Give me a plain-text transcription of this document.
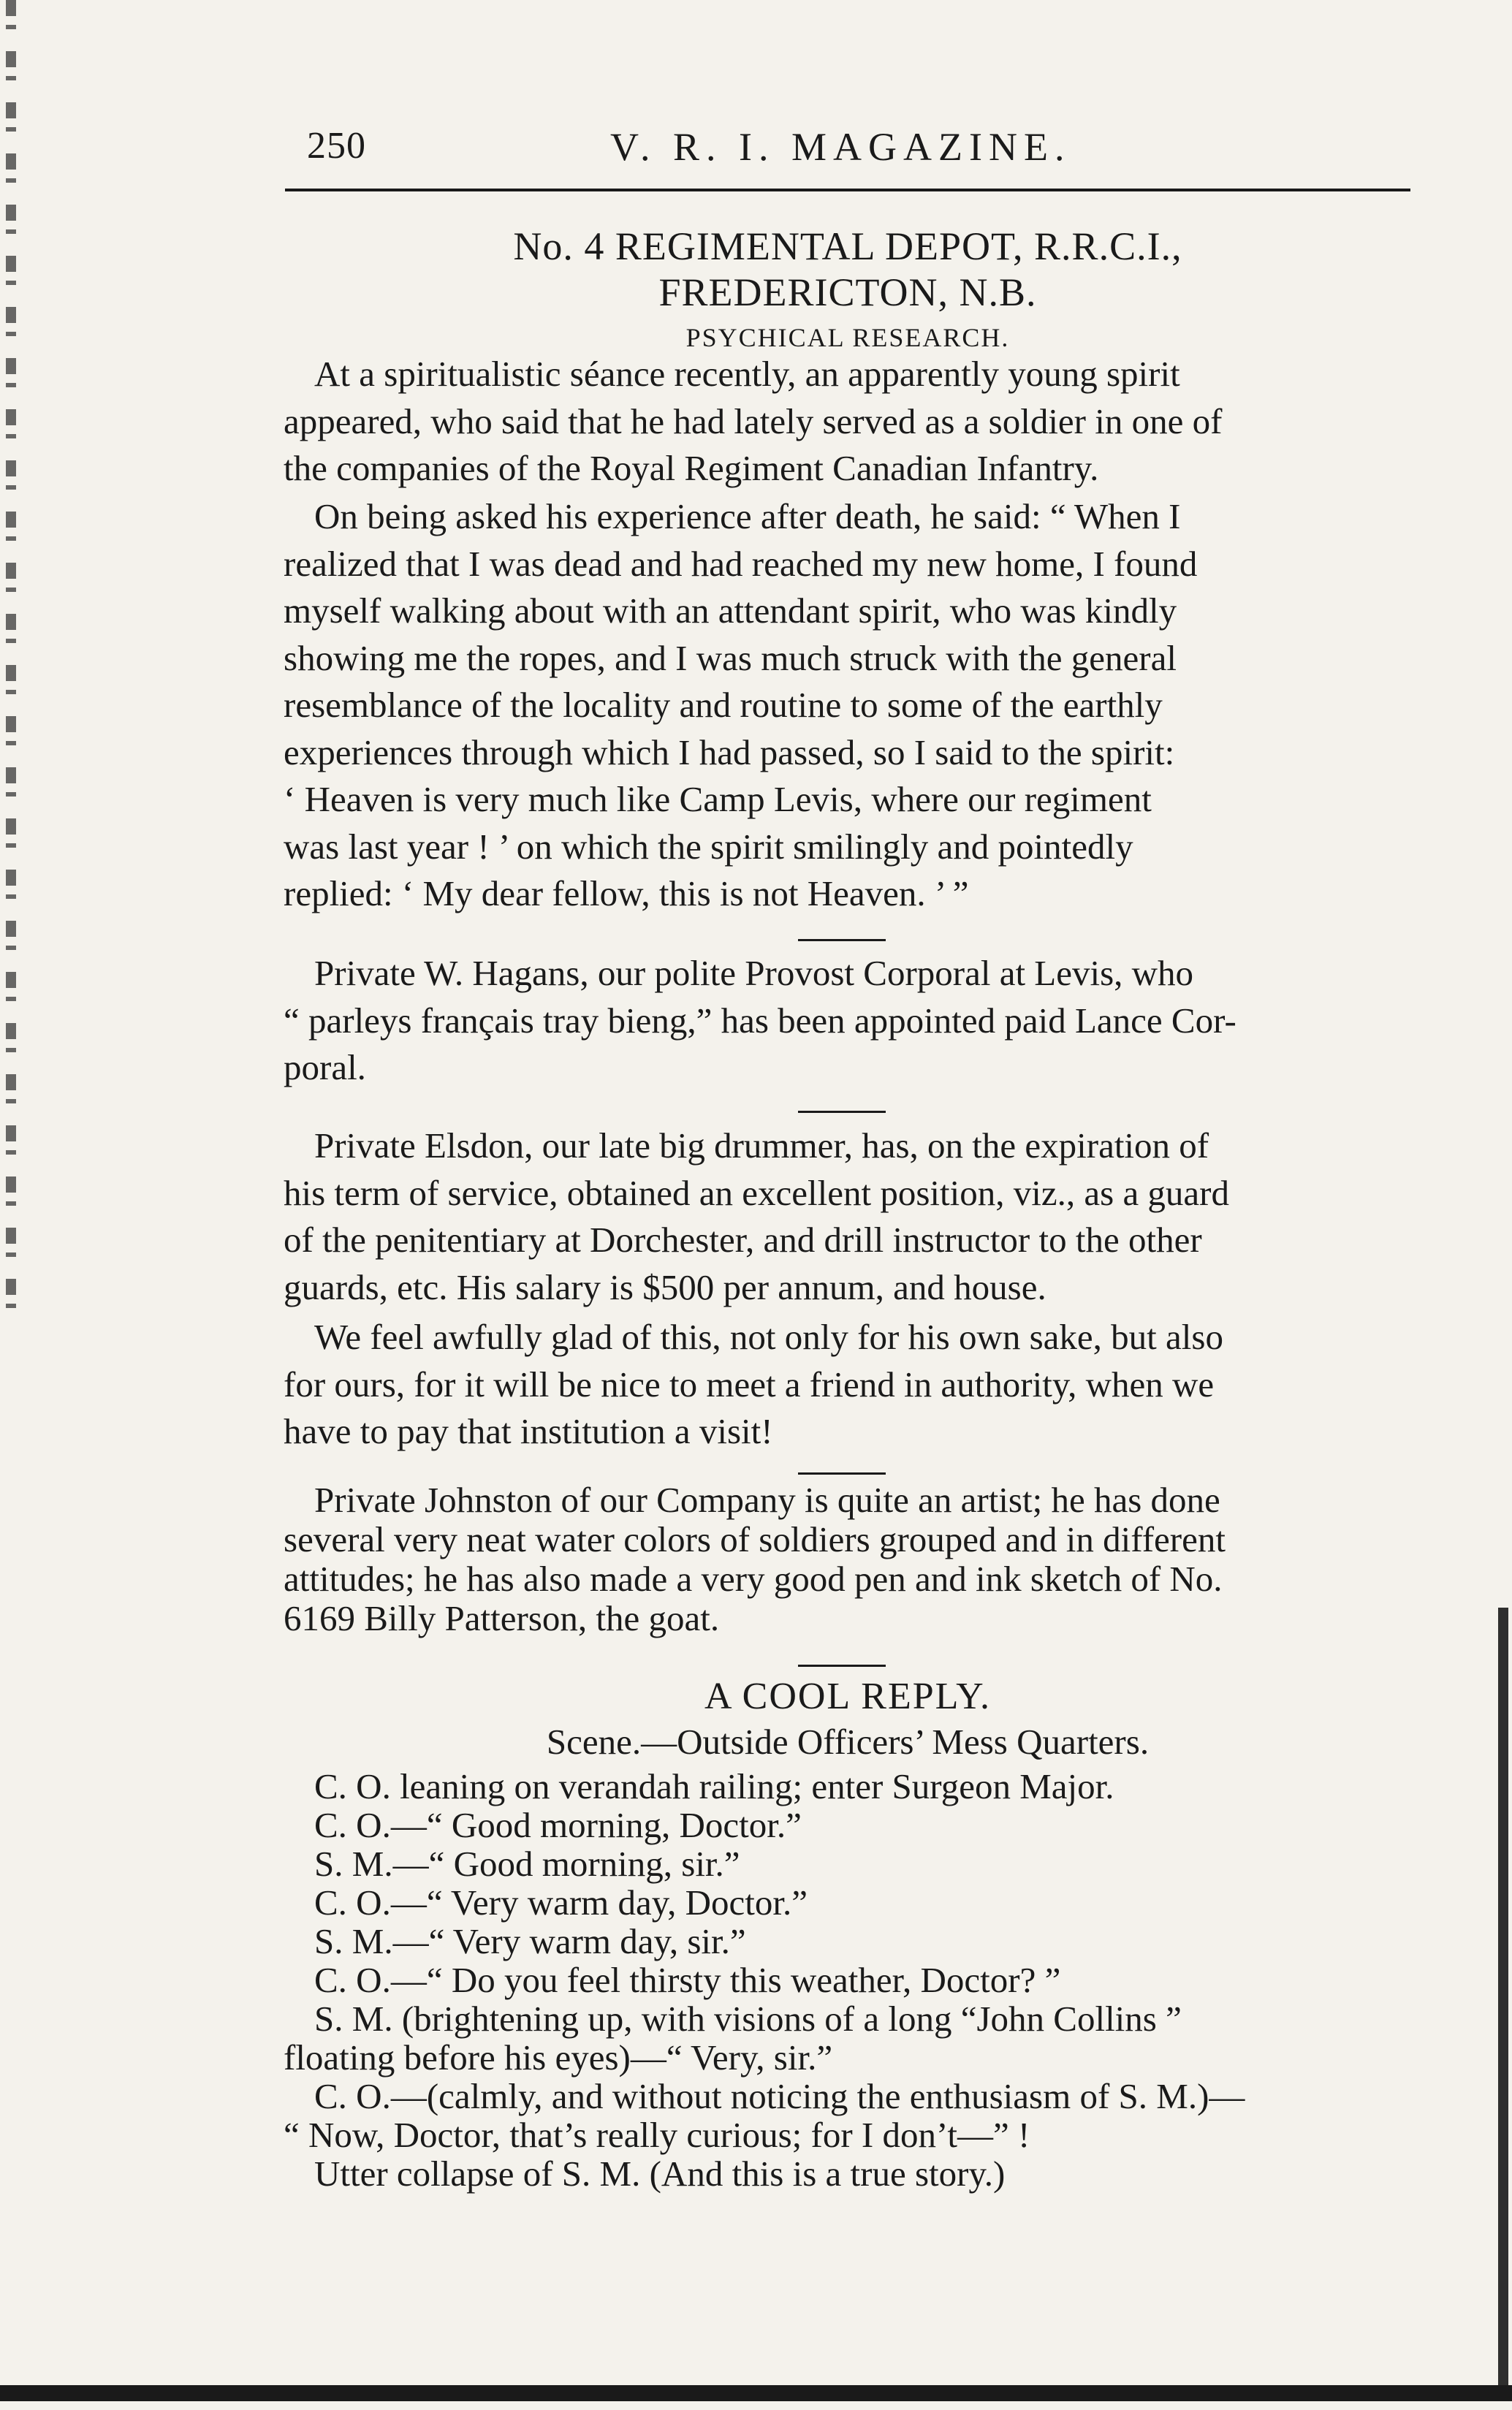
250	V. R. I. MAGAZINE.
No. 4 REGIMENTAL DEPOT, R.R.C.I.,
FREDERICTON, N.B.
PSYCHICAL RESEARCH.
At a spiritualistic séance recently, an apparently young spirit
appeared, who said that he had lately served as a soldier in one of
the companies of the Royal Regiment Canadian Infantry.
On being asked his experience after death, he said: “ When I
realized that I was dead and had reached my new home, I found
myself walking about with an attendant spirit, who was kindly
showing me the ropes, and I was much struck with the general
resemblance of the locality and routine to some of the earthly
experiences through which I had passed, so I said to the spirit:
‘ Heaven is very much like Camp Levis, where our regiment
was last year ! ’ on which the spirit smilingly and pointedly
replied: ‘ My dear fellow, this is not Heaven. ’ ”
Private W. Hagans, our polite Provost Corporal at Levis, who
“ parleys français tray bieng,” has been appointed paid Lance Cor-
poral.
Private Elsdon, our late big drummer, has, on the expiration of
his term of service, obtained an excellent position, viz., as a guard
of the penitentiary at Dorchester, and drill instructor to the other
guards, etc. His salary is $500 per annum, and house.
We feel awfully glad of this, not only for his own sake, but also
for ours, for it will be nice to meet a friend in authority, when we
have to pay that institution a visit!
Private Johnston of our Company is quite an artist; he has done
several very neat water colors of soldiers grouped and in different
attitudes; he has also made a very good pen and ink sketch of No.
6169 Billy Patterson, the goat.
A COOL REPLY.
Scene.—Outside Officers’ Mess Quarters.
C. O. leaning on verandah railing; enter Surgeon Major.
C. O.—“ Good morning, Doctor.”
S. M.—“ Good morning, sir.”
C. O.—“ Very warm day, Doctor.”
S. M.—“ Very warm day, sir.”
C. O.—“ Do you feel thirsty this weather, Doctor? ”
S. M. (brightening up, with visions of a long “John Collins ”
floating before his eyes)—“ Very, sir.”
C. O.—(calmly, and without noticing the enthusiasm of S. M.)—
“ Now, Doctor, that’s really curious; for I don’t—” !
Utter collapse of S. M. (And this is a true story.)
